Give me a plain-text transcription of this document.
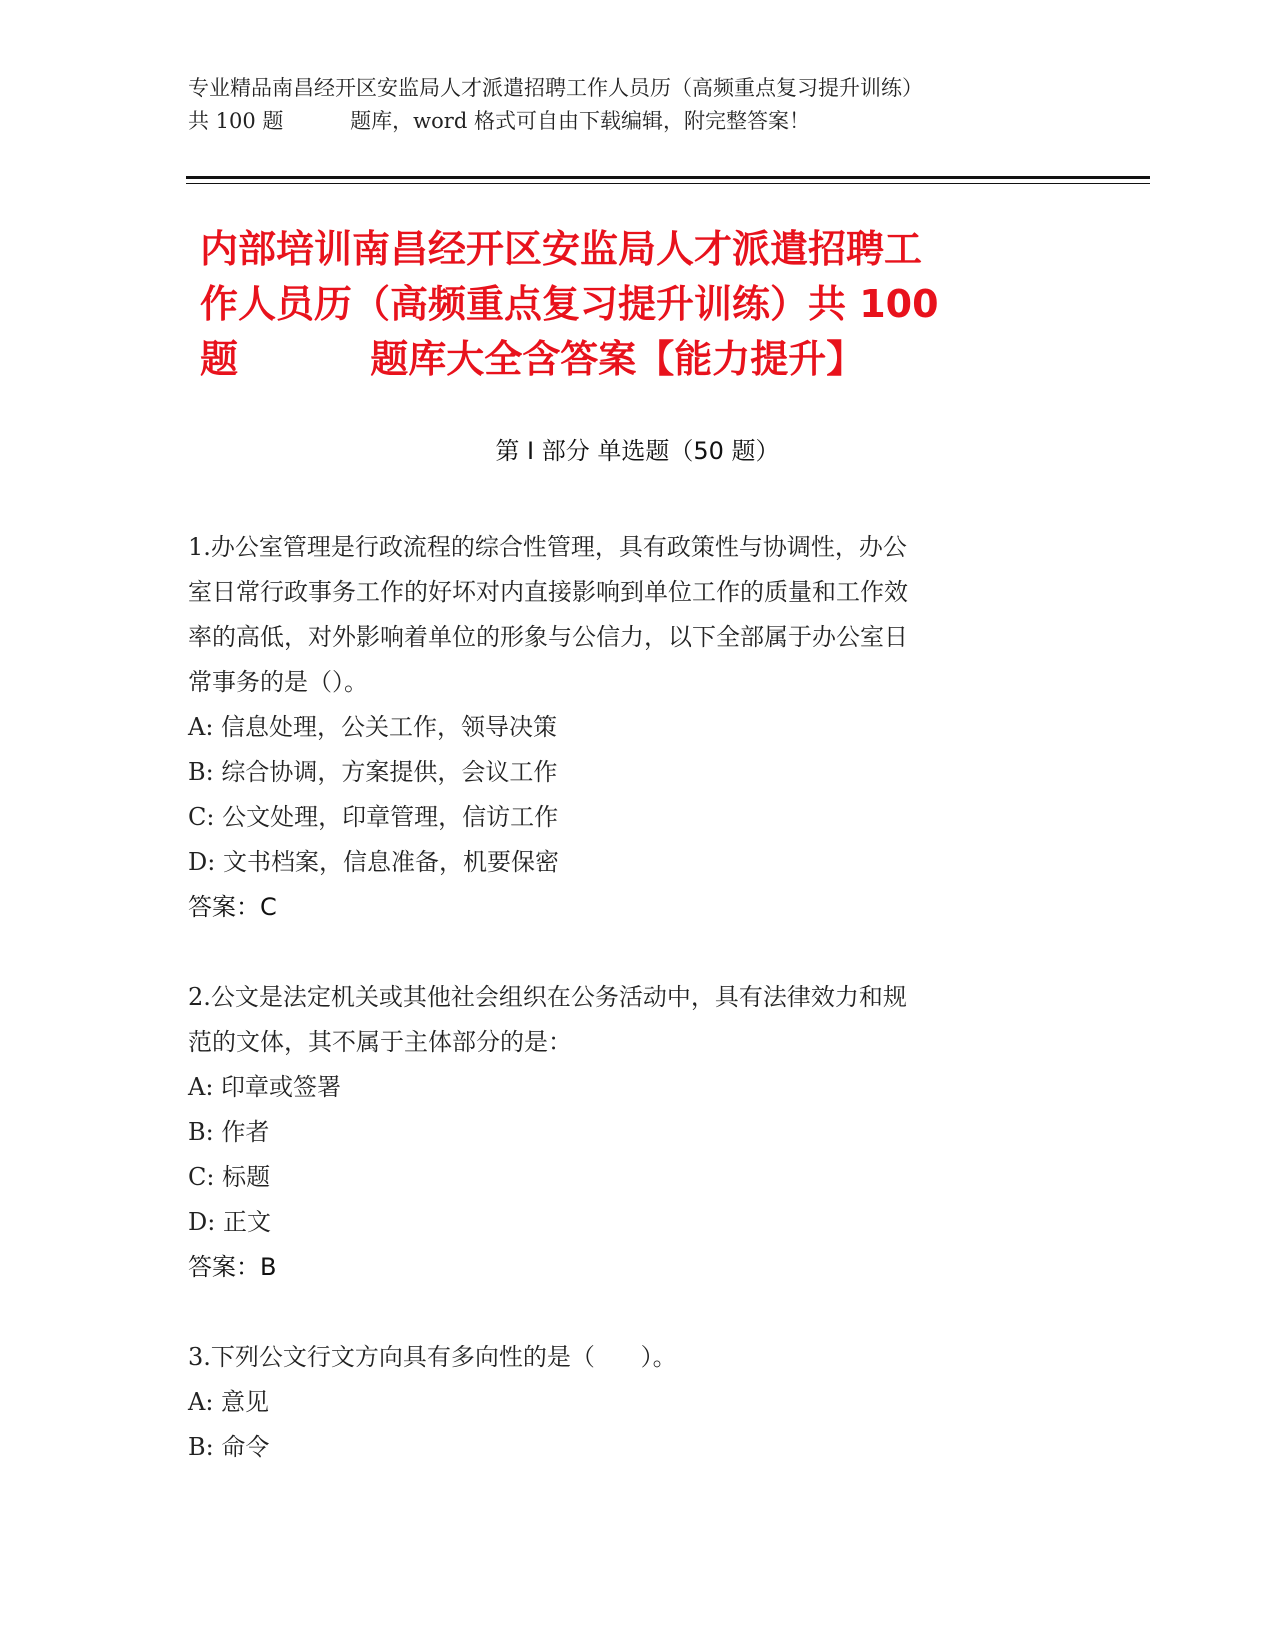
专业精品南昌经开区安监局人才派遣招聘工作人员历（高频重点复习提升训练）
共 100 题          题库，word 格式可自由下载编辑，附完整答案！
内部培训南昌经开区安监局人才派遣招聘工
作人员历（高频重点复习提升训练）共 100
题          题库大全含答案【能力提升】
第 I 部分 单选题（50 题）
1.办公室管理是行政流程的综合性管理，具有政策性与协调性，办公
室日常行政事务工作的好坏对内直接影响到单位工作的质量和工作效
率的高低，对外影响着单位的形象与公信力，以下全部属于办公室日
常事务的是（）。
A: 信息处理，公关工作，领导决策
B: 综合协调，方案提供，会议工作
C: 公文处理，印章管理，信访工作
D: 文书档案，信息准备，机要保密
答案：C
2.公文是法定机关或其他社会组织在公务活动中，具有法律效力和规
范的文体，其不属于主体部分的是：
A: 印章或签署
B: 作者
C: 标题
D: 正文
答案：B
3.下列公文行文方向具有多向性的是（      ）。
A: 意见
B: 命令
